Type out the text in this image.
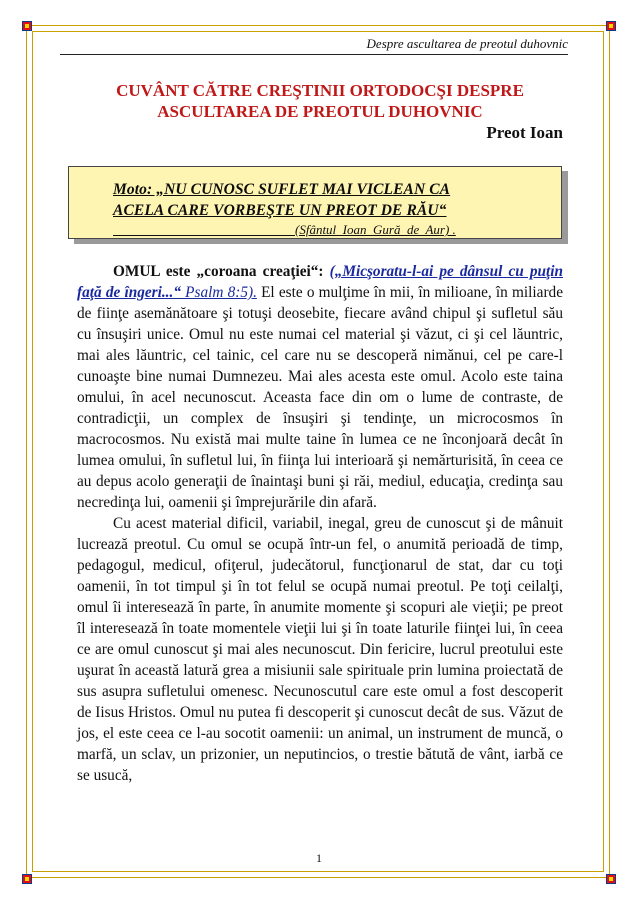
Despre ascultarea de preotul duhovnic
CUVÂNT CĂTRE CREŞTINII ORTODOCŞI DESPRE
ASCULTAREA DE PREOTUL DUHOVNIC
Preot Ioan
Moto: „NU CUNOSC SUFLET MAI VICLEAN CA
ACELA CARE VORBEŞTE UN PREOT DE RĂU“
(Sfântul  Ioan  Gură  de  Aur) .

OMUL este „coroana creaţiei“: („Micşoratu-l-ai pe dânsul cu puţin faţă de îngeri...“ Psalm 8:5). El este o mulţime în mii, în milioane, în miliarde de fiinţe asemănătoare şi totuşi deosebite, fiecare având chipul şi sufletul său cu însuşiri unice. Omul nu este numai cel material şi văzut, ci şi cel lăuntric, mai ales lăuntric, cel tainic, cel care nu se descoperă nimănui, cel pe care-l cunoaşte bine numai Dumnezeu. Mai ales acesta este omul. Acolo este taina omului, în acel necunoscut. Aceasta face din om o lume de contraste, de contradicţii, un complex de însuşiri şi tendinţe, un microcosmos în macrocosmos. Nu există mai multe taine în lumea ce ne înconjoară decât în lumea omului, în sufletul lui, în fiinţa lui interioară şi nemărturisită, în ceea ce au depus acolo generaţii de înaintaşi buni şi răi, mediul, educaţia, credinţa sau necredinţa lui, oamenii şi împrejurările din afară.

Cu acest material dificil, variabil, inegal, greu de cunoscut şi de mânuit lucrează preotul. Cu omul se ocupă într-un fel, o anumită perioadă de timp, pedagogul, medicul, ofiţerul, judecătorul, funcţionarul de stat, dar cu toţi oamenii, în tot timpul şi în tot felul se ocupă numai preotul. Pe toţi ceilalţi, omul îi interesează în parte, în anumite momente şi scopuri ale vieţii; pe preot îl interesează în toate momentele vieţii lui şi în toate laturile fiinţei lui, în ceea ce are omul cunoscut şi mai ales necunoscut. Din fericire, lucrul preotului este uşurat în această latură grea a misiunii sale spirituale prin lumina proiectată de sus asupra sufletului omenesc. Necunoscutul care este omul a fost descoperit de Iisus Hristos. Omul nu putea fi descoperit şi cunoscut decât de sus. Văzut de jos, el este ceea ce l-au socotit oamenii: un animal, un instrument de muncă, o marfă, un sclav, un prizonier, un neputincios, o trestie bătută de vânt, iarbă ce se usucă,

1
